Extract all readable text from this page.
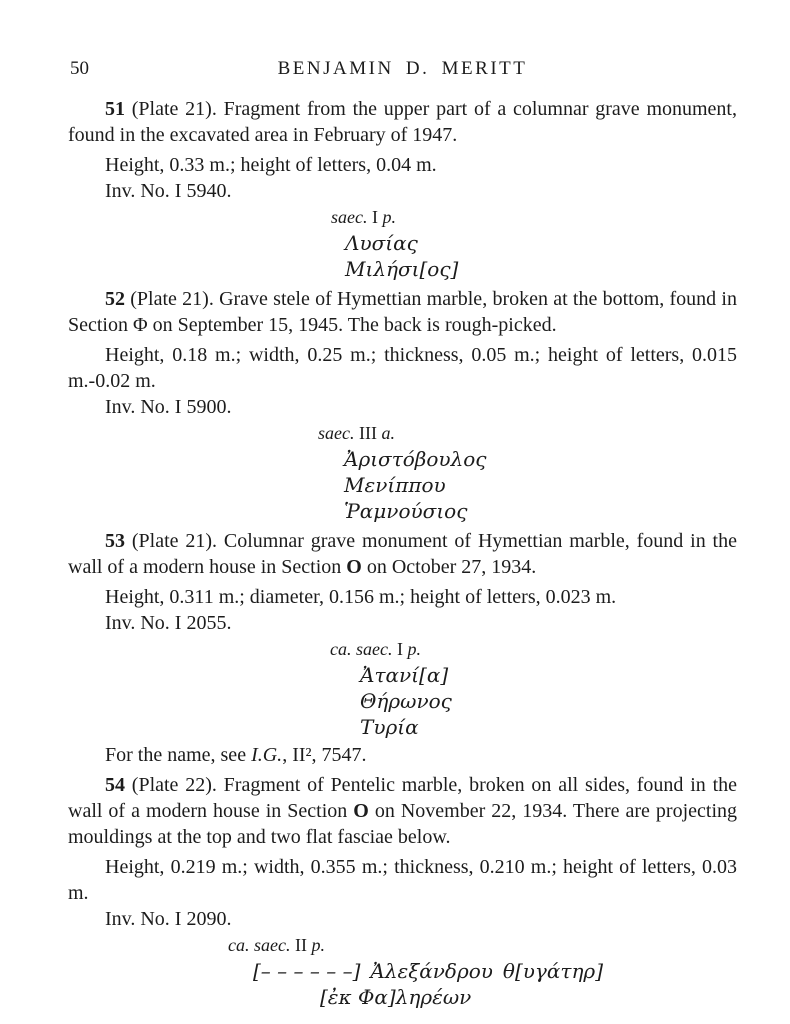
50	BENJAMIN D. MERITT

51 (Plate 21). Fragment from the upper part of a columnar grave monument, found in the excavated area in February of 1947.

Height, 0.33 m.; height of letters, 0.04 m.

Inv. No. I 5940.

saec. I p.
Λυσίας
Μιλήσι[ος]

52 (Plate 21). Grave stele of Hymettian marble, broken at the bottom, found in Section Φ on September 15, 1945. The back is rough-picked.

Height, 0.18 m.; width, 0.25 m.; thickness, 0.05 m.; height of letters, 0.015 m.-0.02 m.

Inv. No. I 5900.

saec. III a.
Ἀριστόβουλος
Μενίππου
Ῥαμνούσιος

53 (Plate 21). Columnar grave monument of Hymettian marble, found in the wall of a modern house in Section O on October 27, 1934.

Height, 0.311 m.; diameter, 0.156 m.; height of letters, 0.023 m.

Inv. No. I 2055.

ca. saec. I p.
Ἀτανί[α]
Θήρωνος
Τυρία

For the name, see I.G., II², 7547.

54 (Plate 22). Fragment of Pentelic marble, broken on all sides, found in the wall of a modern house in Section O on November 22, 1934. There are projecting mouldings at the top and two flat fasciae below.

Height, 0.219 m.; width, 0.355 m.; thickness, 0.210 m.; height of letters, 0.03 m.

Inv. No. I 2090.

ca. saec. II p.
[– – – – – –] Ἀλεξάνδρου θ[υγάτηρ]
[ἐκ Φα]ληρέων
